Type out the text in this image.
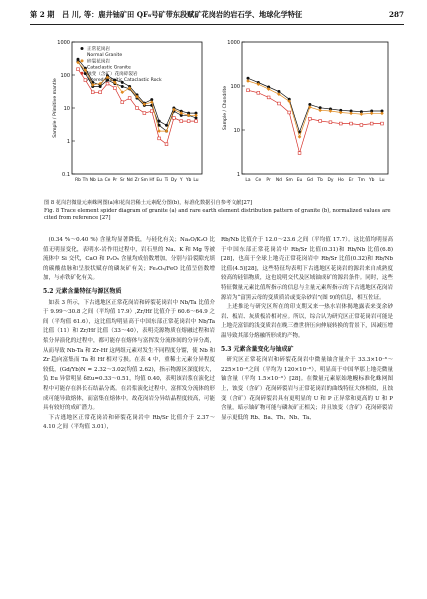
第 2 期 吕 川, 等：鹿井铀矿田 QF₆号矿带东段赋矿花岗岩的岩石学、地球化学特征	287
1000
100
10
1
0.1
Sample / Primitive mantle
Rb Th Nb La Ce Pr Sr Nd Zr Sm Hf Eu Ti Dy Y Yb Lu
正常花岗岩
Normal Granite
碎裂花岗岩
Cataclastic Granite
蚀变（含矿）花岗碎裂岩
Altered granitic Cataclastic Rock
1000
100
10
1
Sample / Chondrite
La Ce Pr Nd Sm Eu Gd Tb Dy Ho Er Tm Yb Lu
图 8 花岗岩微量元素蛛网图(a)和花岗岩稀土元素配分图(b)，标准化数据引自参考文献[27]
Fig. 8 Trace element spider diagram of granite (a) and rare earth element distribution pattern of granite (b), normalized values are cited from reference [27]

(0.34 %～0.40 %) 含量均显著降低，与硅化有关；Na₂O/K₂O 比值无明显变化，表明水-岩作用过程中，岩石里的 Na、K 和 Mg 等被流体中 Si 交代，CaO 和 P₂O₅ 含量均成倍数增加，分别与沿裂隙充填的碳酸盐脉和呈胶状赋存的磷灰矿有关；Fe₂O₃/FeO 比值呈倍数增加，与赤铁矿化有关。

5.2 元素含量特征与源区物质

如表 3 所示，下古逃地区正常花岗岩和碎裂花岗岩中 Nb/Ta 比值介于 9.99～30.8 之间（平均值 17.9）,Zr/Hf 比值介于 60.6～64.9 之间（平均值 61.6），这比值均明显高于中国东部正常花岗岩中 Nb/Ta 比值（11）和 Zr/Hf 比值（33～40），表明壳源物质在熔融过程和岩浆分异演化的过程中，都可能存在熔体与富挥发分流体间的分异分离，从而导致 Nb-Ta 和 Zr-Hf 这两组元素对发生不同程度分馏，使 Nb 和 Zr 趋向富集而 Ta 和 Hf 相对亏损。在表 4 中，重稀土元素分异程度较低，(Gd/Yb)N = 2.32～3.02(均值 2.62)，指示物源区深度较大，负 Eu 异常明显 δEu=0.33～0.51，均值 0.40，表明该岩浆在演化过程中可能存在斜长石结晶分离。在岩浆演化过程中，富挥发分流体的形成可能导致熔体，而富集在熔体中。故花岗岩分异结晶程度较高，可能具有较好的成矿潜力。

下古逃地区正常花岗岩和碎裂花岗岩中 Rb/Sr 比值介于 2.37～4.10 之间（平均值 3.01），

Rb/Nb 比值介于 12.0～23.6 之间（平均值 17.7）。这比值均明显高于中国东部正常花岗岩中 Rb/Sr 比值(0.31)和 Rb/Nb 比值(6.8)[28]，也高于全球上地壳正常花岗岩中 Rb/Sr 比值(0.32)和 Rb/Nb 比值(4.5)[28]，这些特征均表明下古逃地区花岗岩的源岩来自成熟度较高的硅铝物质，这也说明交代及区域铀成矿的源岩条件。同时，这些特征微量元素比值所指示的信息与主量元素所指示的下古逃地区花岗岩源岩为“富黑云母的变质质岩或变杂砂岩”(图 9)的信息，相互佐证。

上述推论与研究区所在的印支期又来一热水岩体揭地露表来变余砂岩、板岩、灰质板岩相对应。所以，综合认为研究区正常花岗岩可能是上地壳富铝的浅变质岩在晚三叠世挤压向伸展转换的背景下，因减压增温导致其部分熔融所形成的产物。

5.3 元素含量变化与铀成矿

研究区正常花岗岩和碎裂花岗岩中微量铀含量介于 33.3×10⁻⁶～225×10⁻⁶之间（平均为 120×10⁻⁶），明显高于中国华那上地壳微量铀含量（平均 1.5×10⁻⁶）[28]。在微量元素原始地幔标准化蛛网图上，蚀变（含矿）花岗碎裂岩与正常花岗岩的曲线特征大体相似，且蚀变（含矿）花岗碎裂岩具有更明显的 U 和 P 正异常和更高的 U 和 P 含量，暗示铀矿物可能与磷灰矿正相关；并且蚀变（含矿）花岗碎裂岩显示更低的 Rb、Ba、Th、Nb、Ta、
